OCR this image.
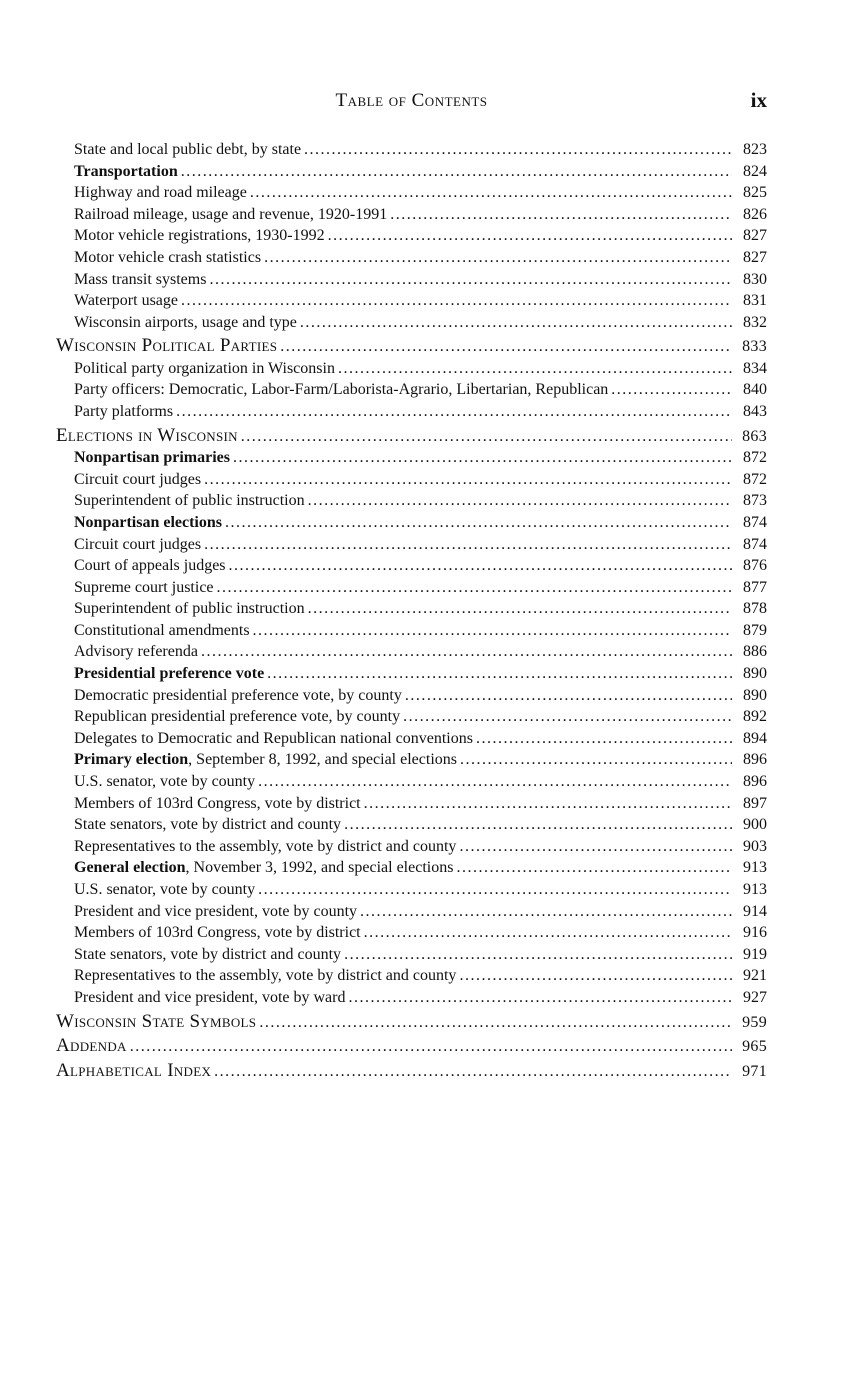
Table of Contents	ix
State and local public debt, by state .....	823
Transportation .....	824
Highway and road mileage .....	825
Railroad mileage, usage and revenue, 1920-1991 .....	826
Motor vehicle registrations, 1930-1992 .....	827
Motor vehicle crash statistics .....	827
Mass transit systems .....	830
Waterport usage .....	831
Wisconsin airports, usage and type .....	832
Wisconsin Political Parties .....	833
Political party organization in Wisconsin .....	834
Party officers: Democratic, Labor-Farm/Laborista-Agrario, Libertarian, Republican .....	840
Party platforms .....	843
Elections in Wisconsin .....	863
Nonpartisan primaries .....	872
Circuit court judges .....	872
Superintendent of public instruction .....	873
Nonpartisan elections .....	874
Circuit court judges .....	874
Court of appeals judges .....	876
Supreme court justice .....	877
Superintendent of public instruction .....	878
Constitutional amendments .....	879
Advisory referenda .....	886
Presidential preference vote .....	890
Democratic presidential preference vote, by county .....	890
Republican presidential preference vote, by county .....	892
Delegates to Democratic and Republican national conventions .....	894
Primary election, September 8, 1992, and special elections .....	896
U.S. senator, vote by county .....	896
Members of 103rd Congress, vote by district .....	897
State senators, vote by district and county .....	900
Representatives to the assembly, vote by district and county .....	903
General election, November 3, 1992, and special elections .....	913
U.S. senator, vote by county .....	913
President and vice president, vote by county .....	914
Members of 103rd Congress, vote by district .....	916
State senators, vote by district and county .....	919
Representatives to the assembly, vote by district and county .....	921
President and vice president, vote by ward .....	927
Wisconsin State Symbols .....	959
Addenda .....	965
Alphabetical Index .....	971
